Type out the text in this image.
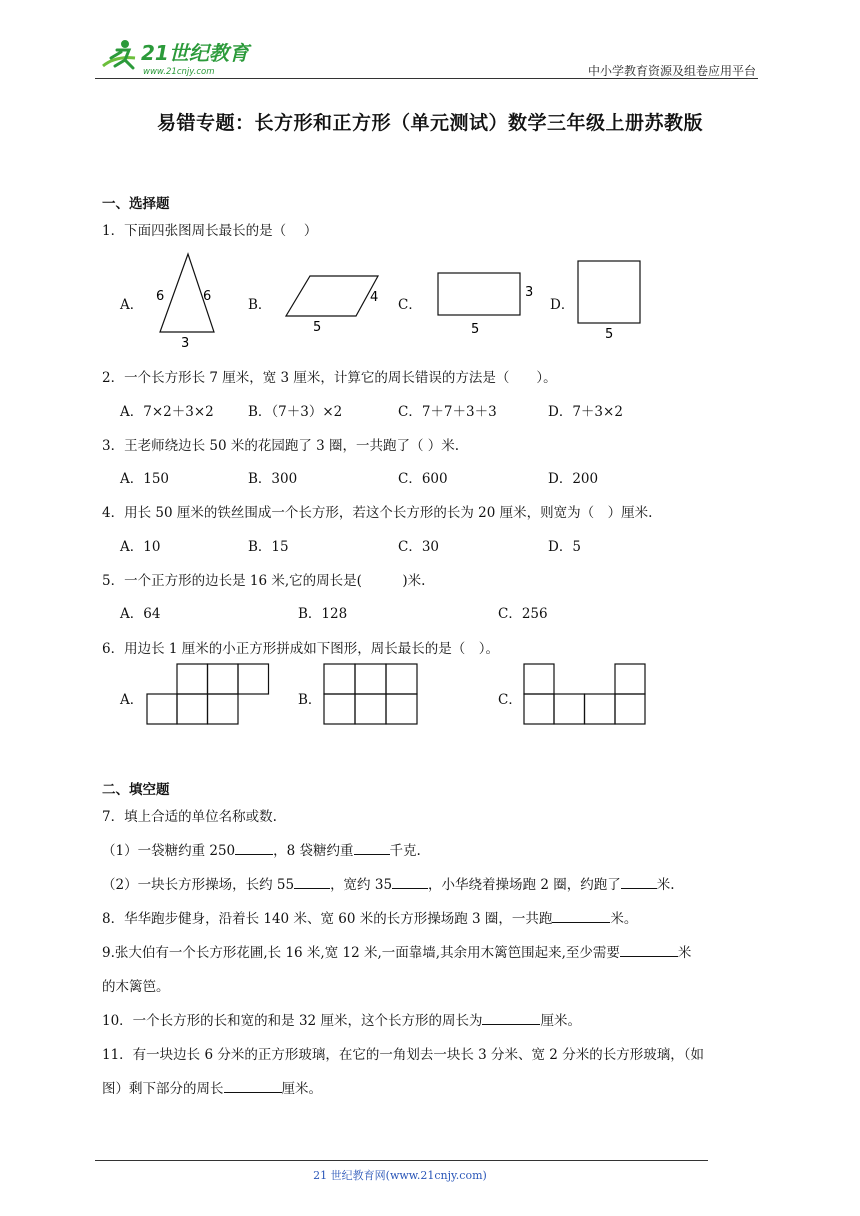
21世纪教育
www.21cnjy.com	中小学教育资源及组卷应用平台
易错专题：长方形和正方形（单元测试）数学三年级上册苏教版
一、选择题
1．下面四张图周长最长的是（　 ）
A．
6	6
3
B．	4
5
C．
3
5
D．
5
2．一个长方形长 7 厘米，宽 3 厘米，计算它的周长错误的方法是（　　）。
A．7×2＋3×2	B．（7＋3）×2	C．7＋7＋3＋3	D．7＋3×2
3．王老师绕边长 50 米的花园跑了 3 圈，一共跑了（ ）米.
A．150	B．300	C．600	D．200
4．用长 50 厘米的铁丝围成一个长方形，若这个长方形的长为 20 厘米，则宽为（　）厘米.
A．10	B．15	C．30	D．5
5．一个正方形的边长是 16 米,它的周长是(　　　)米.
A．64	B．128	C．256
6．用边长 1 厘米的小正方形拼成如下图形，周长最长的是（　）。
A．	B．	C．
二、填空题
7．填上合适的单位名称或数.
（1）一袋糖约重 250	，8 袋糖约重	千克.
（2）一块长方形操场，长约 55	，宽约 35	，小华绕着操场跑 2 圈，约跑了	米.
8．华华跑步健身，沿着长 140 米、宽 60 米的长方形操场跑 3 圈，一共跑	米。
9.张大伯有一个长方形花圃,长 16 米,宽 12 米,一面靠墙,其余用木篱笆围起来,至少需要	米
的木篱笆。
10．一个长方形的长和宽的和是 32 厘米，这个长方形的周长为	厘米。
11．有一块边长 6 分米的正方形玻璃，在它的一角划去一块长 3 分米、宽 2 分米的长方形玻璃，（如
图）剩下部分的周长	厘米。
21 世纪教育网(www.21cnjy.com)
